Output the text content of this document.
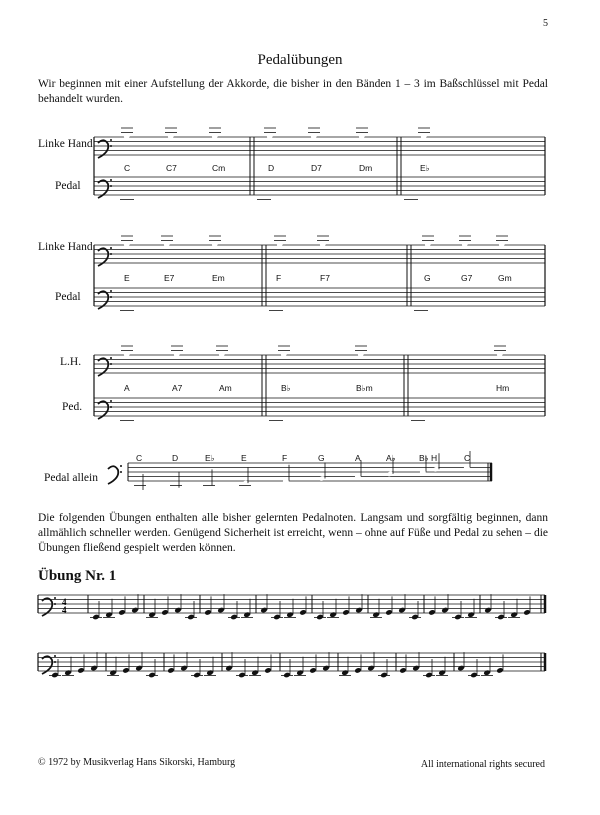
5
Pedalübungen
Wir beginnen mit einer Aufstellung der Akkorde, die bisher in den Bänden 1 – 3 im Baßschlüssel mit Pedal behandelt wurden.
Linke Hand
Pedal
Linke Hand
Pedal
L.H.
Ped.
Pedal allein
C	C7	Cm	D	D7	Dm	E♭
E	E7	Em	F	F7	G	G7	Gm
A	A7	Am	B♭	B♭m	Hm
C	D	E♭	E	F	G	A	A♭	B♭ H	C
Die folgenden Übungen enthalten alle bisher gelernten Pedalnoten. Langsam und sorgfältig beginnen, dann allmählich schneller werden. Genügend Sicherheit ist erreicht, wenn – ohne auf Füße und Pedal zu sehen – die Übungen fließend gespielt werden können.
Übung Nr. 1
© 1972 by Musikverlag Hans Sikorski, Hamburg	All international rights secured
4
4
